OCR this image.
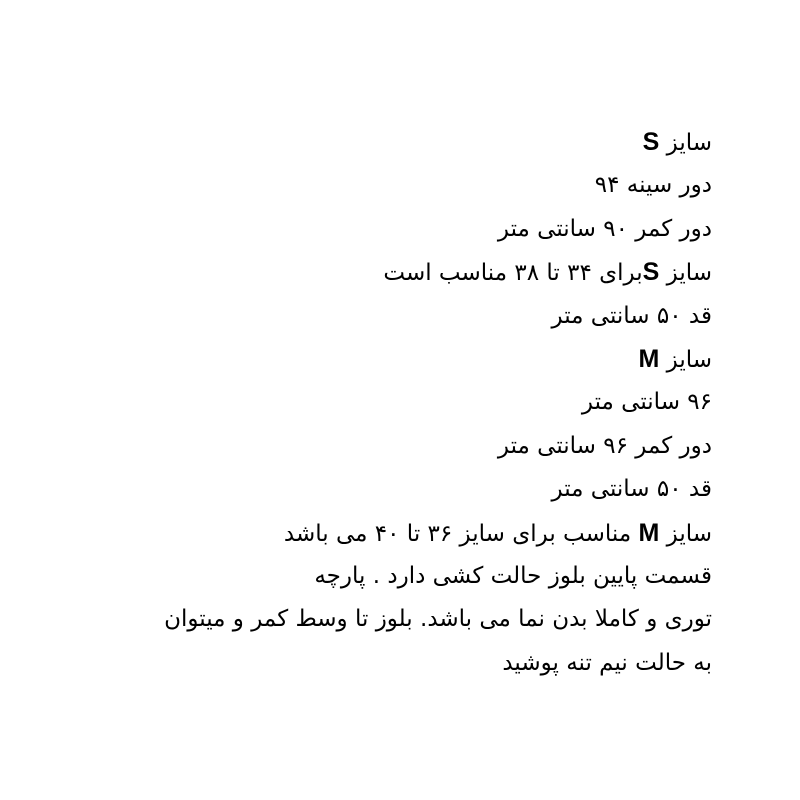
سایز S
دور سینه ۹۴
دور کمر ۹۰ سانتی متر
سایز Sبرای ۳۴ تا ۳۸ مناسب است
قد ۵۰ سانتی متر
سایز M
۹۶ سانتی متر
دور کمر ۹۶ سانتی متر
قد ۵۰ سانتی متر
سایز M مناسب برای سایز ۳۶ تا ۴۰ می باشد
قسمت پایین بلوز حالت کشی دارد . پارچه
توری و کاملا بدن نما می باشد. بلوز تا وسط کمر و میتوان
به حالت نیم تنه پوشید
